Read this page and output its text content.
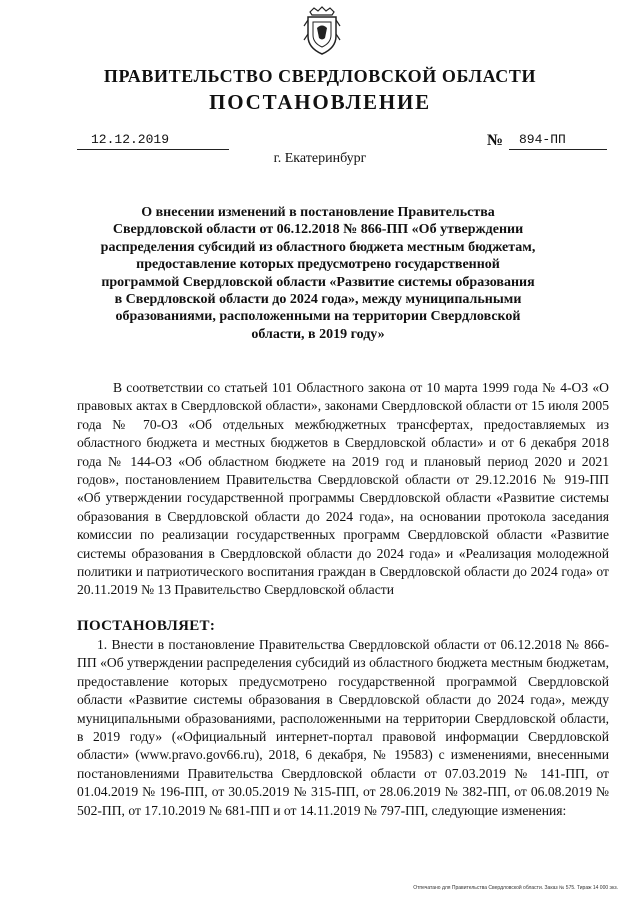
ПРАВИТЕЛЬСТВО СВЕРДЛОВСКОЙ ОБЛАСТИ
ПОСТАНОВЛЕНИЕ
12.12.2019	№	894-ПП
г. Екатеринбург
О внесении изменений в постановление Правительства Свердловской области от 06.12.2018 № 866-ПП «Об утверждении распределения субсидий из областного бюджета местным бюджетам, предоставление которых предусмотрено государственной программой Свердловской области «Развитие системы образования в Свердловской области до 2024 года», между муниципальными образованиями, расположенными на территории Свердловской области, в 2019 году»

В соответствии со статьей 101 Областного закона от 10 марта 1999 года № 4-ОЗ «О правовых актах в Свердловской области», законами Свердловской области от 15 июля 2005 года № 70-ОЗ «Об отдельных межбюджетных трансфертах, предоставляемых из областного бюджета и местных бюджетов в Свердловской области» и от 6 декабря 2018 года № 144-ОЗ «Об областном бюджете на 2019 год и плановый период 2020 и 2021 годов», постановлением Правительства Свердловской области от 29.12.2016 № 919-ПП «Об утверждении государственной программы Свердловской области «Развитие системы образования в Свердловской области до 2024 года», на основании протокола заседания комиссии по реализации государственных программ Свердловской области «Развитие системы образования в Свердловской области до 2024 года» и «Реализация молодежной политики и патриотического воспитания граждан в Свердловской области до 2024 года» от 20.11.2019 № 13 Правительство Свердловской области

ПОСТАНОВЛЯЕТ:

1. Внести в постановление Правительства Свердловской области от 06.12.2018 № 866-ПП «Об утверждении распределения субсидий из областного бюджета местным бюджетам, предоставление которых предусмотрено государственной программой Свердловской области «Развитие системы образования в Свердловской области до 2024 года», между муниципальными образованиями, расположенными на территории Свердловской области, в 2019 году» («Официальный интернет-портал правовой информации Свердловской области» (www.pravo.gov66.ru), 2018, 6 декабря, № 19583) с изменениями, внесенными постановлениями Правительства Свердловской области от 07.03.2019 № 141-ПП, от 01.04.2019 № 196-ПП, от 30.05.2019 № 315-ПП, от 28.06.2019 № 382-ПП, от 06.08.2019 № 502-ПП, от 17.10.2019 № 681-ПП и от 14.11.2019 № 797-ПП, следующие изменения:

Отпечатано для Правительства Свердловской области. Заказ № 575. Тираж 14 000 экз.
